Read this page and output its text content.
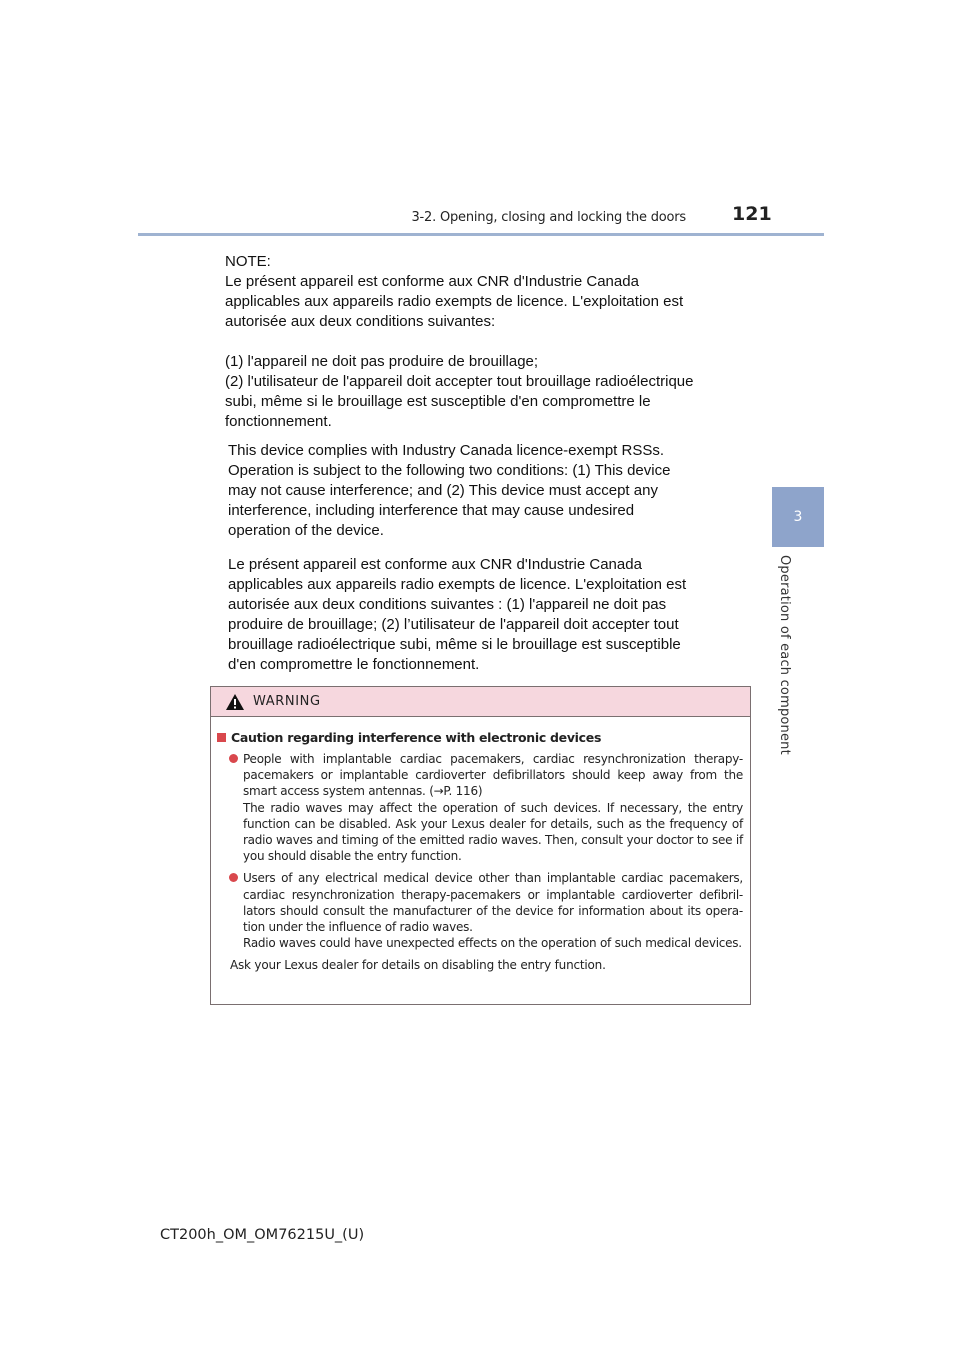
3-2. Opening, closing and locking the doors 121
3
Operation of each component

NOTE:
Le présent appareil est conforme aux CNR d'Industrie Canada
applicables aux appareils radio exempts de licence. L'exploitation est
autorisée aux deux conditions suivantes:

(1) l'appareil ne doit pas produire de brouillage;
(2) l'utilisateur de l'appareil doit accepter tout brouillage radioélectrique
subi, même si le brouillage est susceptible d'en compromettre le
fonctionnement.

This device complies with Industry Canada licence-exempt RSSs.
Operation is subject to the following two conditions: (1) This device
may not cause interference; and (2) This device must accept any
interference, including interference that may cause undesired
operation of the device.

Le présent appareil est conforme aux CNR d'Industrie Canada
applicables aux appareils radio exempts de licence. L'exploitation est
autorisée aux deux conditions suivantes : (1) l'appareil ne doit pas
produire de brouillage; (2) l’utilisateur de l'appareil doit accepter tout
brouillage radioélectrique subi, même si le brouillage est susceptible
d'en compromettre le fonctionnement.

WARNING
Caution regarding interference with electronic devices

People with implantable cardiac pacemakers, cardiac resynchronization therapy-pacemakers or implantable cardioverter defibrillators should keep away from the smart access system antennas. (→P. 116)

The radio waves may affect the operation of such devices. If necessary, the entry function can be disabled. Ask your Lexus dealer for details, such as the frequency of radio waves and timing of the emitted radio waves. Then, consult your doctor to see if you should disable the entry function.

Users of any electrical medical device other than implantable cardiac pacemakers, cardiac resynchronization therapy-pacemakers or implantable cardioverter defibril-lators should consult the manufacturer of the device for information about its opera-tion under the influence of radio waves.

Radio waves could have unexpected effects on the operation of such medical devices.

Ask your Lexus dealer for details on disabling the entry function.
CT200h_OM_OM76215U_(U)
